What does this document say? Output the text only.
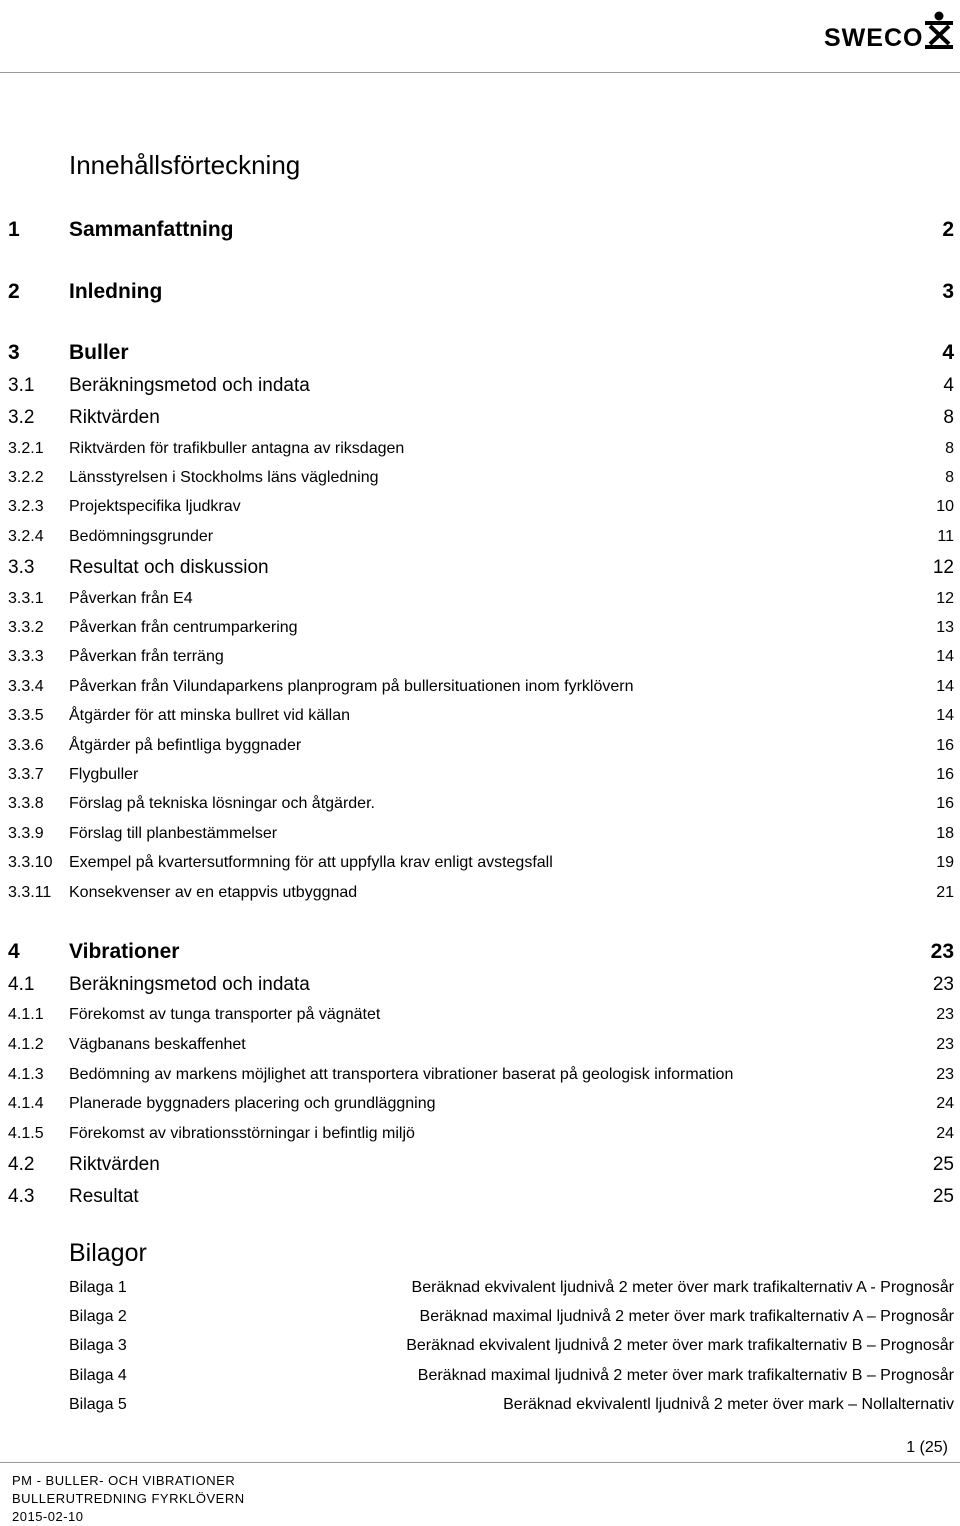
SWECO
Innehållsförteckning
1 Sammanfattning	2
2 Inledning	3
3 Buller	4
3.1 Beräkningsmetod och indata	4
3.2 Riktvärden	8
3.2.1 Riktvärden för trafikbuller antagna av riksdagen	8
3.2.2 Länsstyrelsen i Stockholms läns vägledning	8
3.2.3 Projektspecifika ljudkrav	10
3.2.4 Bedömningsgrunder	11
3.3 Resultat och diskussion	12
3.3.1 Påverkan från E4	12
3.3.2 Påverkan från centrumparkering	13
3.3.3 Påverkan från terräng	14
3.3.4 Påverkan från Vilundaparkens planprogram på bullersituationen inom fyrklövern	14
3.3.5 Åtgärder för att minska bullret vid källan	14
3.3.6 Åtgärder på befintliga byggnader	16
3.3.7 Flygbuller	16
3.3.8 Förslag på tekniska lösningar och åtgärder.	16
3.3.9 Förslag till planbestämmelser	18
3.3.10 Exempel på kvartersutformning för att uppfylla krav enligt avstegsfall	19
3.3.11 Konsekvenser av en etappvis utbyggnad	21
4 Vibrationer	23
4.1 Beräkningsmetod och indata	23
4.1.1 Förekomst av tunga transporter på vägnätet	23
4.1.2 Vägbanans beskaffenhet	23
4.1.3 Bedömning av markens möjlighet att transportera vibrationer baserat på geologisk information	23
4.1.4 Planerade byggnaders placering och grundläggning	24
4.1.5 Förekomst av vibrationsstörningar i befintlig miljö	24
4.2 Riktvärden	25
4.3 Resultat	25
Bilagor
Bilaga 1	Beräknad ekvivalent ljudnivå 2 meter över mark trafikalternativ A - Prognosår
Bilaga 2	Beräknad maximal ljudnivå 2 meter över mark trafikalternativ A – Prognosår
Bilaga 3	Beräknad ekvivalent ljudnivå 2 meter över mark trafikalternativ B – Prognosår
Bilaga 4	Beräknad maximal ljudnivå 2 meter över mark trafikalternativ B – Prognosår
Bilaga 5	Beräknad ekvivalentl ljudnivå 2 meter över mark – Nollalternativ
1 (25)
PM - BULLER- OCH VIBRATIONER
BULLERUTREDNING FYRKLÖVERN
2015-02-10
